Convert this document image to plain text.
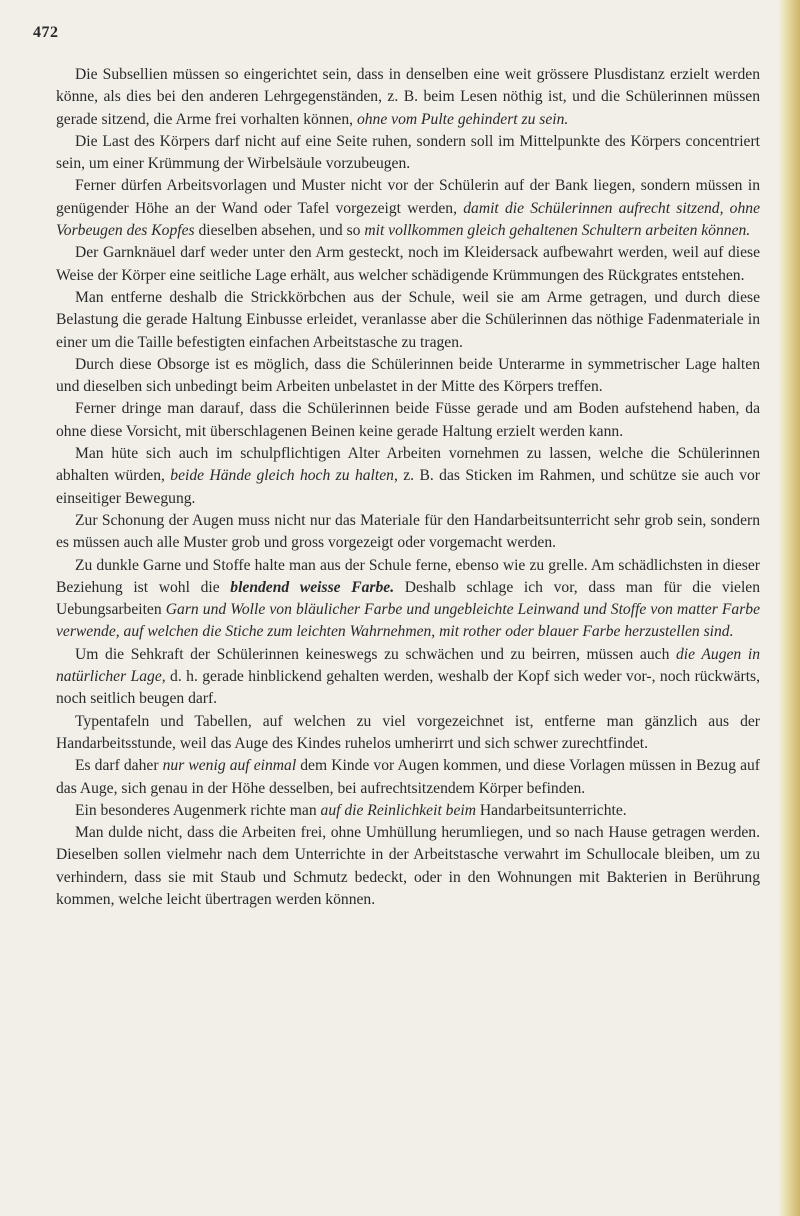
472

Die Subsellien müssen so eingerichtet sein, dass in denselben eine weit grössere Plusdistanz erzielt werden könne, als dies bei den anderen Lehrgegenständen, z. B. beim Lesen nöthig ist, und die Schülerinnen müssen gerade sitzend, die Arme frei vorhalten können, ohne vom Pulte gehindert zu sein.

Die Last des Körpers darf nicht auf eine Seite ruhen, sondern soll im Mittelpunkte des Körpers concentriert sein, um einer Krümmung der Wirbelsäule vorzubeugen.

Ferner dürfen Arbeitsvorlagen und Muster nicht vor der Schülerin auf der Bank liegen, sondern müssen in genügender Höhe an der Wand oder Tafel vorgezeigt werden, damit die Schülerinnen aufrecht sitzend, ohne Vorbeugen des Kopfes dieselben absehen, und so mit vollkommen gleich gehaltenen Schultern arbeiten können.

Der Garnknäuel darf weder unter den Arm gesteckt, noch im Kleidersack aufbewahrt werden, weil auf diese Weise der Körper eine seitliche Lage erhält, aus welcher schädigende Krümmungen des Rückgrates entstehen.

Man entferne deshalb die Strickkörbchen aus der Schule, weil sie am Arme getragen, und durch diese Belastung die gerade Haltung Einbusse erleidet, veranlasse aber die Schülerinnen das nöthige Fadenmateriale in einer um die Taille befestigten einfachen Arbeitstasche zu tragen.

Durch diese Obsorge ist es möglich, dass die Schülerinnen beide Unterarme in symmetrischer Lage halten und dieselben sich unbedingt beim Arbeiten unbelastet in der Mitte des Körpers treffen.

Ferner dringe man darauf, dass die Schülerinnen beide Füsse gerade und am Boden aufstehend haben, da ohne diese Vorsicht, mit überschlagenen Beinen keine gerade Haltung erzielt werden kann.

Man hüte sich auch im schulpflichtigen Alter Arbeiten vornehmen zu lassen, welche die Schülerinnen abhalten würden, beide Hände gleich hoch zu halten, z. B. das Sticken im Rahmen, und schütze sie auch vor einseitiger Bewegung.

Zur Schonung der Augen muss nicht nur das Materiale für den Handarbeitsunterricht sehr grob sein, sondern es müssen auch alle Muster grob und gross vorgezeigt oder vorgemacht werden.

Zu dunkle Garne und Stoffe halte man aus der Schule ferne, ebenso wie zu grelle. Am schädlichsten in dieser Beziehung ist wohl die blendend weisse Farbe. Deshalb schlage ich vor, dass man für die vielen Uebungsarbeiten Garn und Wolle von bläulicher Farbe und ungebleichte Leinwand und Stoffe von matter Farbe verwende, auf welchen die Stiche zum leichten Wahrnehmen, mit rother oder blauer Farbe herzustellen sind.

Um die Sehkraft der Schülerinnen keineswegs zu schwächen und zu beirren, müssen auch die Augen in natürlicher Lage, d. h. gerade hinblickend gehalten werden, weshalb der Kopf sich weder vor-, noch rückwärts, noch seitlich beugen darf.

Typentafeln und Tabellen, auf welchen zu viel vorgezeichnet ist, entferne man gänzlich aus der Handarbeitsstunde, weil das Auge des Kindes ruhelos umherirrt und sich schwer zurechtfindet.

Es darf daher nur wenig auf einmal dem Kinde vor Augen kommen, und diese Vorlagen müssen in Bezug auf das Auge, sich genau in der Höhe desselben, bei aufrechtsitzendem Körper befinden.

Ein besonderes Augenmerk richte man auf die Reinlichkeit beim Handarbeitsunterrichte.

Man dulde nicht, dass die Arbeiten frei, ohne Umhüllung herumliegen, und so nach Hause getragen werden. Dieselben sollen vielmehr nach dem Unterrichte in der Arbeitstasche verwahrt im Schullocale bleiben, um zu verhindern, dass sie mit Staub und Schmutz bedeckt, oder in den Wohnungen mit Bakterien in Berührung kommen, welche leicht übertragen werden können.
